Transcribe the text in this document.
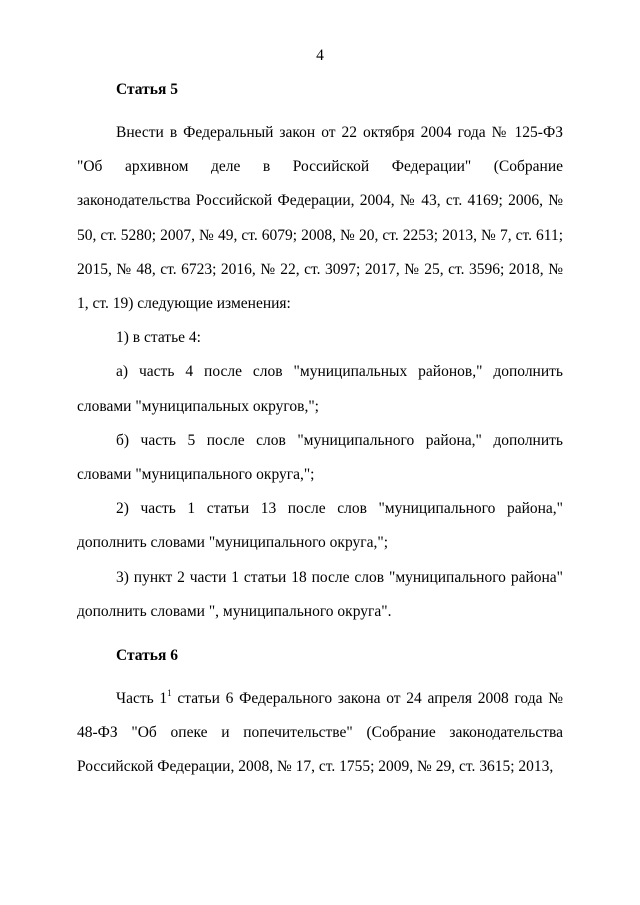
4
Статья 5

Внести в Федеральный закон от 22 октября 2004 года № 125-ФЗ "Об архивном деле в Российской Федерации" (Собрание законодательства Российской Федерации, 2004, № 43, ст. 4169; 2006, № 50, ст. 5280; 2007, № 49, ст. 6079; 2008, № 20, ст. 2253; 2013, № 7, ст. 611; 2015, № 48, ст. 6723; 2016, № 22, ст. 3097; 2017, № 25, ст. 3596; 2018, № 1, ст. 19) следующие изменения:

1) в статье 4:

а) часть 4 после слов "муниципальных районов," дополнить словами "муниципальных округов,";

б) часть 5 после слов "муниципального района," дополнить словами "муниципального округа,";

2) часть 1 статьи 13 после слов "муниципального района," дополнить словами "муниципального округа,";

3) пункт 2 части 1 статьи 18 после слов "муниципального района" дополнить словами ", муниципального округа".

Статья 6

Часть $1^1$ статьи 6 Федерального закона от 24 апреля 2008 года № 48-ФЗ "Об опеке и попечительстве" (Собрание законодательства Российской Федерации, 2008, № 17, ст. 1755; 2009, № 29, ст. 3615; 2013,
